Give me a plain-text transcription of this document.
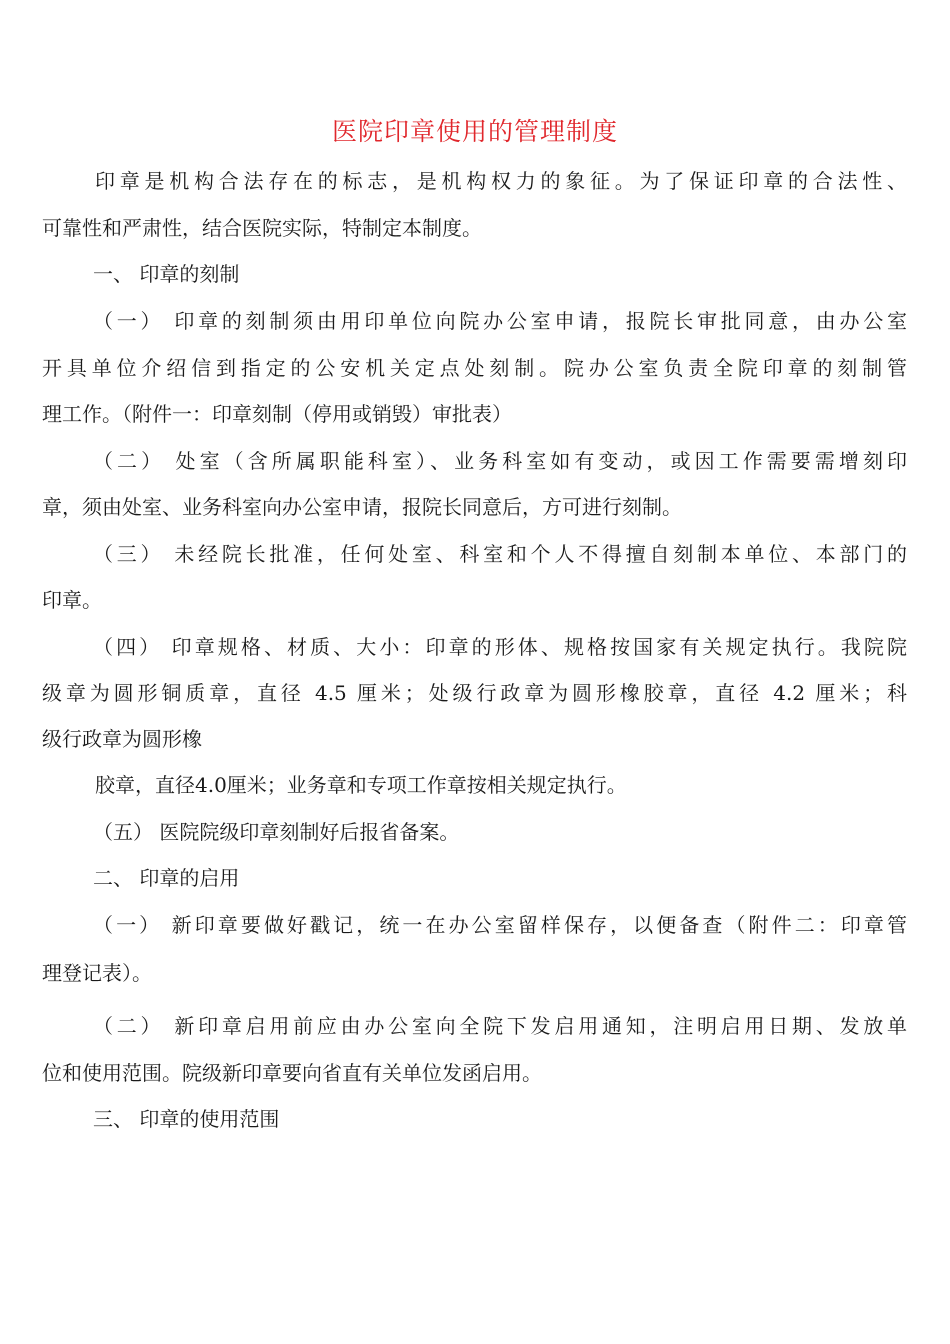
医院印章使用的管理制度

印章是机构合法存在的标志，是机构权力的象征。为了保证印章的合法性、

可靠性和严肃性，结合医院实际，特制定本制度。

一、 印章的刻制

（一） 印章的刻制须由用印单位向院办公室申请，报院长审批同意，由办公室

开具单位介绍信到指定的公安机关定点处刻制。院办公室负责全院印章的刻制管

理工作。（附件一：印章刻制（停用或销毁）审批表）

（二） 处室（含所属职能科室）、业务科室如有变动，或因工作需要需增刻印

章，须由处室、业务科室向办公室申请，报院长同意后，方可进行刻制。

（三） 未经院长批准，任何处室、科室和个人不得擅自刻制本单位、本部门的

印章。

（四） 印章规格、材质、大小：印章的形体、规格按国家有关规定执行。我院院

级章为圆形铜质章，直径 4.5 厘米；处级行政章为圆形橡胶章，直径 4.2 厘米；科

级行政章为圆形橡

胶章，直径4.0厘米；业务章和专项工作章按相关规定执行。

（五） 医院院级印章刻制好后报省备案。

二、 印章的启用

（一） 新印章要做好戳记，统一在办公室留样保存，以便备查（附件二：印章管

理登记表）。

（二） 新印章启用前应由办公室向全院下发启用通知，注明启用日期、发放单

位和使用范围。院级新印章要向省直有关单位发函启用。

三、 印章的使用范围
